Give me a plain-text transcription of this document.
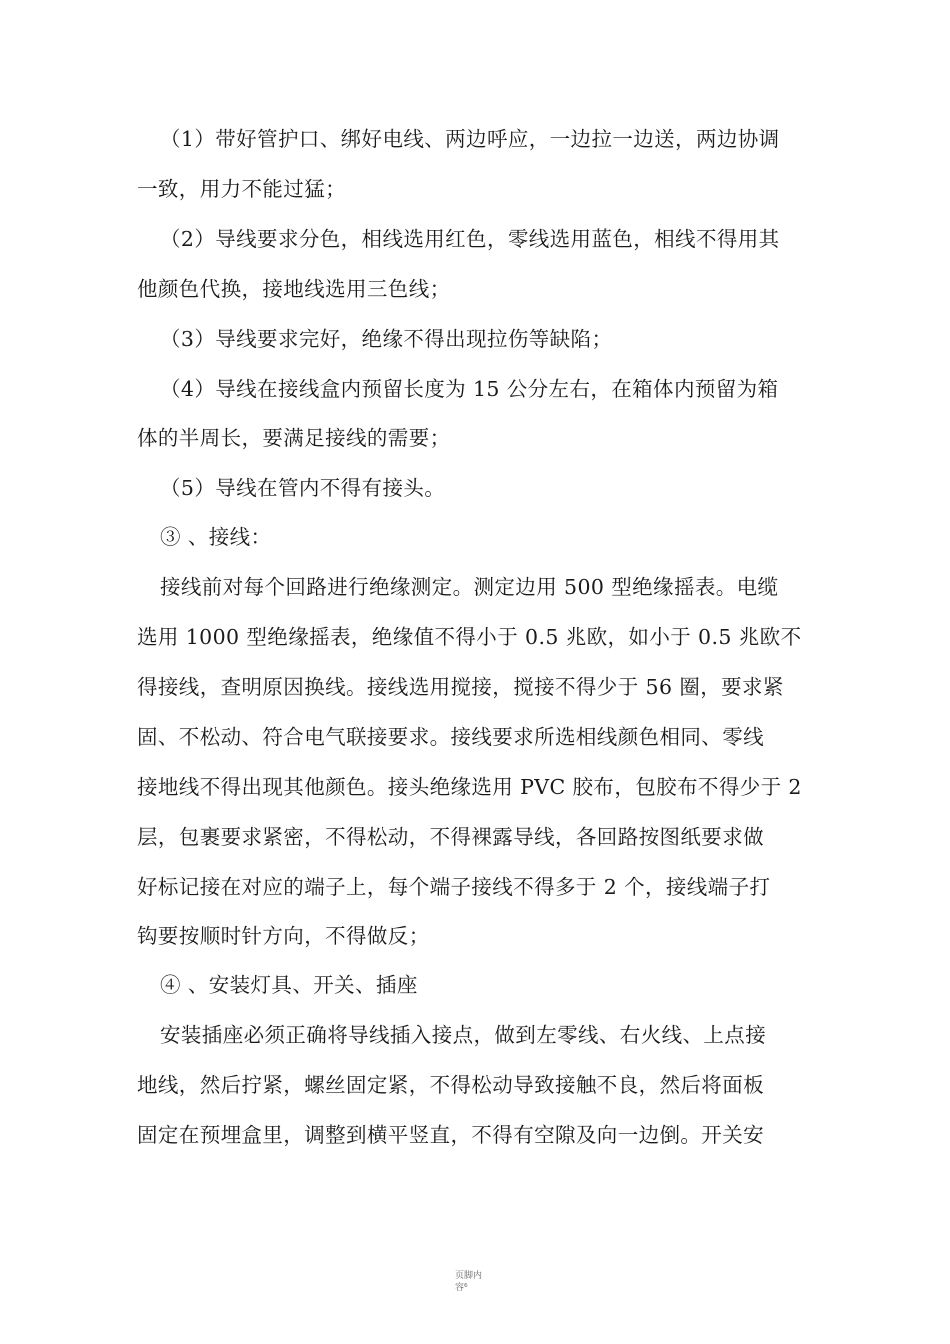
（1）带好管护口、绑好电线、两边呼应，一边拉一边送，两边协调
一致，用力不能过猛；
（2）导线要求分色，相线选用红色，零线选用蓝色，相线不得用其
他颜色代换，接地线选用三色线；
（3）导线要求完好，绝缘不得出现拉伤等缺陷；
（4）导线在接线盒内预留长度为 15 公分左右，在箱体内预留为箱
体的半周长，要满足接线的需要；
（5）导线在管内不得有接头。
③ 、接线：
接线前对每个回路进行绝缘测定。测定边用 500 型绝缘摇表。电缆
选用 1000 型绝缘摇表，绝缘值不得小于 0.5 兆欧，如小于 0.5 兆欧不
得接线，查明原因换线。接线选用搅接，搅接不得少于 56 圈，要求紧
固、不松动、符合电气联接要求。接线要求所选相线颜色相同、零线
接地线不得出现其他颜色。接头绝缘选用 PVC 胶布，包胶布不得少于 2
层，包裹要求紧密，不得松动，不得裸露导线，各回路按图纸要求做
好标记接在对应的端子上，每个端子接线不得多于 2 个，接线端子打
钩要按顺时针方向，不得做反；
④ 、安装灯具、开关、插座
安装插座必须正确将导线插入接点，做到左零线、右火线、上点接
地线，然后拧紧，螺丝固定紧，不得松动导致接触不良，然后将面板
固定在预埋盒里，调整到横平竖直，不得有空隙及向一边倒。开关安
页脚内
容⁶
